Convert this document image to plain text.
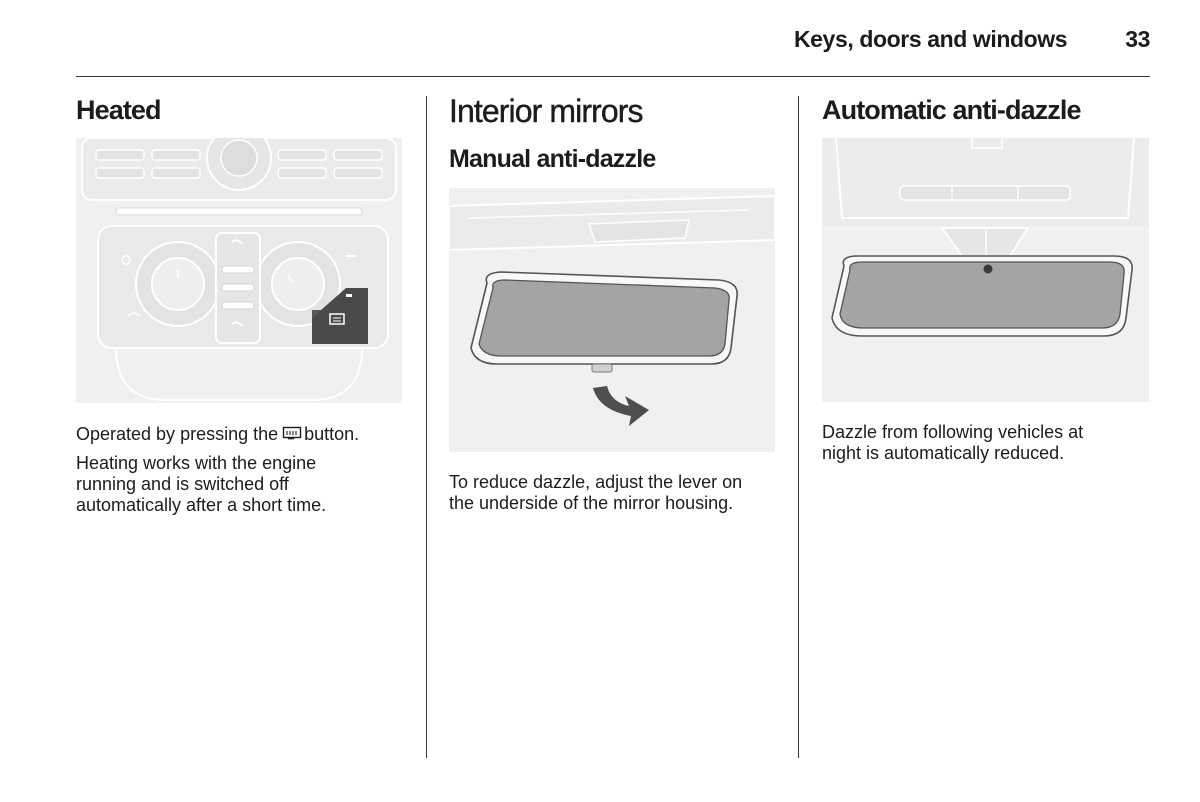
Keys, doors and windows	33
Heated

Operated by pressing the button.

Heating works with the engine
running and is switched off
automatically after a short time.

Interior mirrors
Manual anti-dazzle

To reduce dazzle, adjust the lever on
the underside of the mirror housing.

Automatic anti-dazzle

Dazzle from following vehicles at
night is automatically reduced.
